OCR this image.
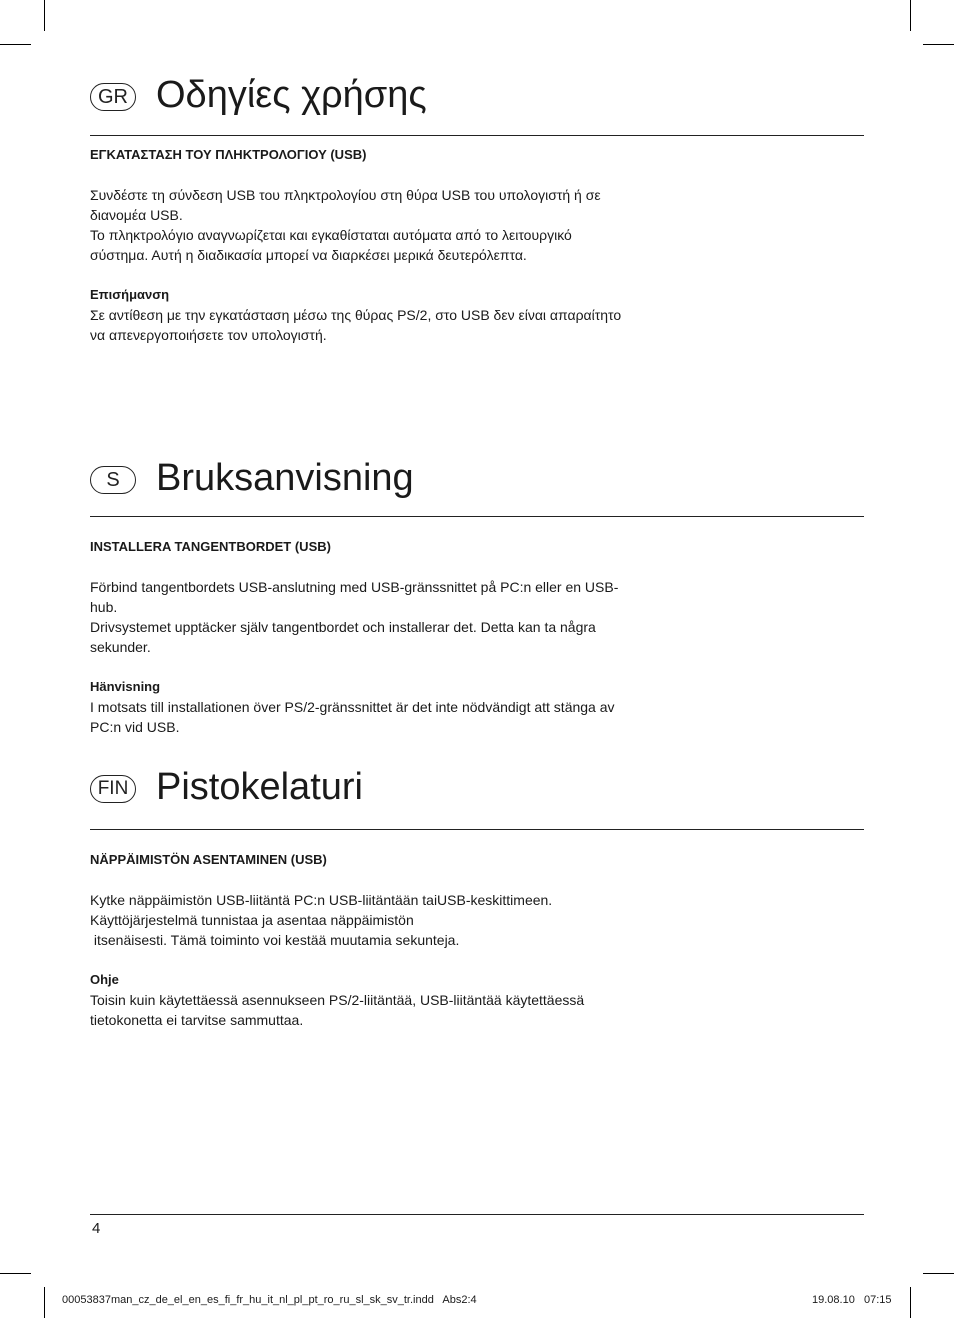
GR Οδηγίες χρήσης

ΕΓΚΑΤΑΣΤΑΣΗ ΤΟΥ ΠΛΗΚΤΡΟΛΟΓΙΟΥ (USB)

Συνδέστε τη σύνδεση USB του πληκτρολογίου στη θύρα USB του υπολογιστή ή σε

διανομέα USB.

Το πληκτρολόγιο αναγνωρίζεται και εγκαθίσταται αυτόματα από το λειτουργικό

σύστημα. Αυτή η διαδικασία μπορεί να διαρκέσει μερικά δευτερόλεπτα.

Επισήμανση

Σε αντίθεση με την εγκατάσταση μέσω της θύρας PS/2, στο USB δεν είναι απαραίτητο

να απενεργοποιήσετε τον υπολογιστή.

S Bruksanvisning

INSTALLERA TANGENTBORDET (USB)

Förbind tangentbordets USB-anslutning med USB-gränssnittet på PC:n eller en USB-

hub.

Drivsystemet upptäcker själv tangentbordet och installerar det. Detta kan ta några

sekunder.

Hänvisning

I motsats till installationen över PS/2-gränssnittet är det inte nödvändigt att stänga av

PC:n vid USB.

FIN Pistokelaturi

NÄPPÄIMISTÖN ASENTAMINEN (USB)

Kytke näppäimistön USB-liitäntä PC:n USB-liitäntään taiUSB-keskittimeen.

Käyttöjärjestelmä tunnistaa ja asentaa näppäimistön

itsenäisesti. Tämä toiminto voi kestää muutamia sekunteja.

Ohje

Toisin kuin käytettäessä asennukseen PS/2-liitäntää, USB-liitäntää käytettäessä

tietokonetta ei tarvitse sammuttaa.

4
00053837man_cz_de_el_en_es_fi_fr_hu_it_nl_pl_pt_ro_ru_sl_sk_sv_tr.indd   Abs2:4	19.08.10   07:15
